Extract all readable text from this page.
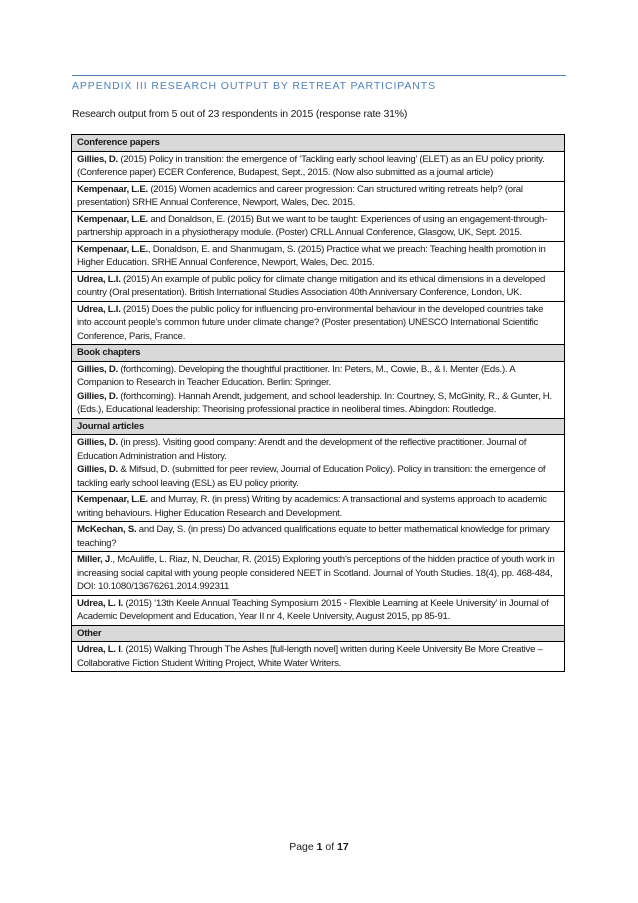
APPENDIX III RESEARCH OUTPUT BY RETREAT PARTICIPANTS
Research output from 5 out of 23 respondents in 2015 (response rate 31%)
Conference papers

Gillies, D. (2015) Policy in transition: the emergence of ‘Tackling early school leaving’ (ELET) as an EU policy priority. (Conference paper) ECER Conference, Budapest, Sept., 2015. (Now also submitted as a journal article)

Kempenaar, L.E. (2015) Women academics and career progression: Can structured writing retreats help? (oral presentation) SRHE Annual Conference, Newport, Wales, Dec. 2015.

Kempenaar, L.E. and Donaldson, E. (2015) But we want to be taught: Experiences of using an engagement-through-partnership approach in a physiotherapy module. (Poster) CRLL Annual Conference, Glasgow, UK, Sept. 2015.

Kempenaar, L.E., Donaldson, E. and Shanmugam, S. (2015) Practice what we preach: Teaching health promotion in Higher Education. SRHE Annual Conference, Newport, Wales, Dec. 2015.

Udrea, L.I. (2015) An example of public policy for climate change mitigation and its ethical dimensions in a developed country (Oral presentation). British International Studies Association 40th Anniversary Conference, London, UK.

Udrea, L.I. (2015) Does the public policy for influencing pro-environmental behaviour in the developed countries take into account people’s common future under climate change? (Poster presentation) UNESCO International Scientific Conference, Paris, France.

Book chapters

Gillies, D. (forthcoming). Developing the thoughtful practitioner. In: Peters, M., Cowie, B., & I. Menter (Eds.). A Companion to Research in Teacher Education. Berlin: Springer.

Gillies, D. (forthcoming). Hannah Arendt, judgement, and school leadership. In: Courtney, S, McGinity, R., & Gunter, H. (Eds.), Educational leadership: Theorising professional practice in neoliberal times. Abingdon: Routledge.

Journal articles

Gillies, D. (in press). Visiting good company: Arendt and the development of the reflective practitioner. Journal of Education Administration and History.

Gillies, D. & Mifsud, D. (submitted for peer review, Journal of Education Policy). Policy in transition: the emergence of tackling early school leaving (ESL) as EU policy priority.

Kempenaar, L.E. and Murray, R. (in press) Writing by academics: A transactional and systems approach to academic writing behaviours. Higher Education Research and Development.

McKechan, S. and Day, S. (in press) Do advanced qualifications equate to better mathematical knowledge for primary teaching?

Miller, J., McAuliffe, L. Riaz, N, Deuchar, R. (2015) Exploring youth’s perceptions of the hidden practice of youth work in increasing social capital with young people considered NEET in Scotland. Journal of Youth Studies. 18(4), pp. 468-484, DOI: 10.1080/13676261.2014.992311

Udrea, L. I. (2015) ‘13th Keele Annual Teaching Symposium 2015 - Flexible Learning at Keele University’ in Journal of Academic Development and Education, Year II nr 4, Keele University, August 2015, pp 85-91.

Other

Udrea, L. I. (2015) Walking Through The Ashes [full-length novel] written during Keele University Be More Creative – Collaborative Fiction Student Writing Project, White Water Writers.

Page 1 of 17
